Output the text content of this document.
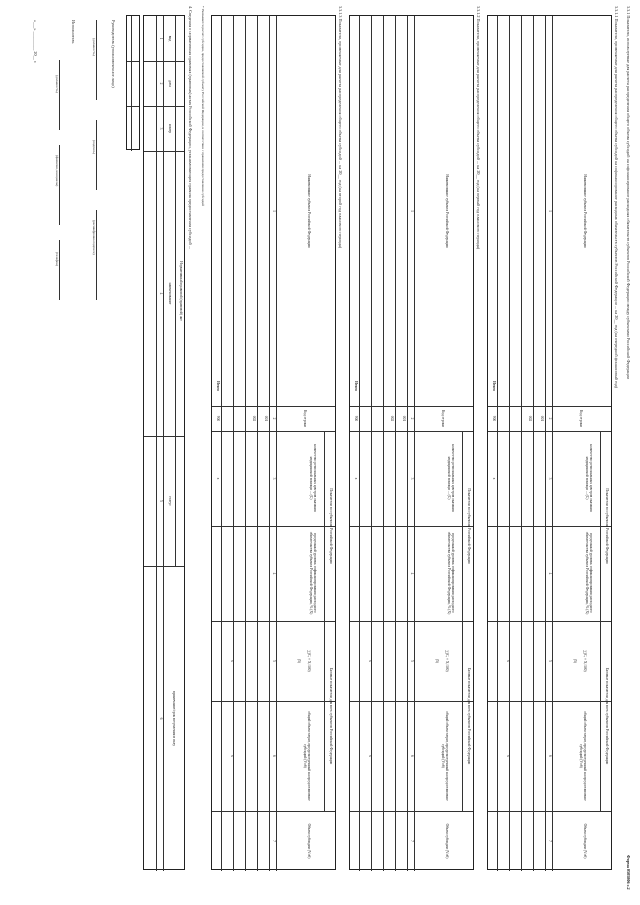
3.3.1 Показатели, используемые для расчета распределения общего объема субсидий на софинансирование расходных обязательств субъектов Российской Федерации между субъектами Российской Федерации
Форма 0505806 с.2
3.3.1.1 Показатели, применяемые для расчета распределения общего объема субсидий на софинансирование расходных обязательств субъектов Российской Федерации ... на 20__ год (на очередной финансовый год)
Наименование субъекта Российской Федерации
Код строки
Показатели по субъектам Российской Федерации
Базовые показатели для всех субъектов Российской Федерации
количество региональных центров оказания медицинской помощи ... (С)
предельный уровень софинансирования расходного обязательства субъекта Российской Федерации, % (Х)
∑(Cᵢ × Xᵢ/100)
(5)
общий объем затрат, предусмотренный на предоставление субсидий (Vоб)
Объем субсидии (Vоб)
1
2
3
4
5
6
7
001
002
Итого
900
x
x
x
3.3.1.2 Показатели, применяемые для расчета распределения общего объема субсидий ... на 20__ год (на первый год планового периода)
Наименование субъекта Российской Федерации
Код строки
Показатели по субъектам Российской Федерации
Базовые показатели для всех субъектов Российской Федерации
количество региональных центров оказания медицинской помощи ... (С)
предельный уровень софинансирования расходного обязательства субъекта Российской Федерации, % (Х)
∑(Cᵢ × Xᵢ/100)
(5)
общий объем затрат, предусмотренный на предоставление субсидий (Vоб)
Объем субсидии (Vоб)
1
2
3
4
5
6
7
001
002
Итого
900
x
x
x
3.3.1.3 Показатели, применяемые для расчета распределения общего объема субсидий ... на 20__ год (на второй год планового периода)
Наименование субъекта Российской Федерации
Код строки
Показатели по субъектам Российской Федерации
Базовые показатели для всех субъектов Российской Федерации
количество региональных центров оказания медицинской помощи ... (С)
предельный уровень софинансирования расходного обязательства субъекта Российской Федерации, % (Х)
∑(Cᵢ × Xᵢ/100)
(5)
общий объем затрат, предусмотренный на предоставление субсидий (Vоб)
Объем субсидии (Vоб)
1
2
3
4
5
6
7
001
002
Итого
900
x
x
x
* Указывается расчет субсидии, предоставляемой субъекту Российской Федерации, в соответствии с правилами предоставления субсидий
4. Сведения о нормативных правовых (правовых) актах Российской Федерации, устанавливающих правила предоставления субсидий ...
Нормативный правовой (правовой) акт
вид
дата
номер
наименование
статус
примечание/срок вступления в силу
1
2
3
4
5
6
Руководитель (уполномоченное лицо)
(должность)
(подпись)
(расшифровка подписи)
Исполнитель
(должность)
(фамилия, инициалы)
(телефон)
«___» _________ 20__ г.
